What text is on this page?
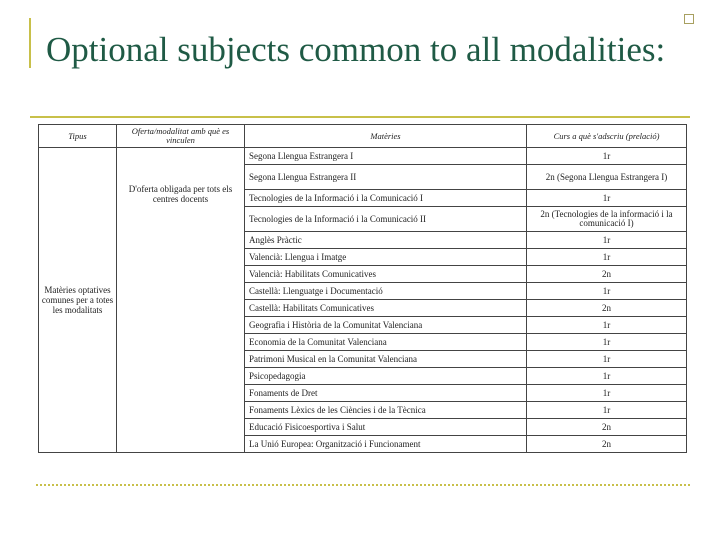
Optional subjects common to all modalities:
Tipus	Oferta/modalitat amb què es vinculen	Matèries	Curs a què s'adscriu (prelació)
Matèries optatives comunes per a totes les modalitats	D'oferta obligada per tots els centres docents	Segona Llengua Estrangera I	1r
		Segona Llengua Estrangera II	2n (Segona Llengua Estrangera I)
		Tecnologies de la Informació i la Comunicació I	1r
		Tecnologies de la Informació i la Comunicació II	2n (Tecnologies de la informació i la comunicació I)
		Anglès Pràctic	1r
		Valencià: Llengua i Imatge	1r
		Valencià: Habilitats Comunicatives	2n
		Castellà: Llenguatge i Documentació	1r
		Castellà: Habilitats Comunicatives	2n
		Geografia i Història de la Comunitat Valenciana	1r
		Economia de la Comunitat Valenciana	1r
		Patrimoni Musical en la Comunitat Valenciana	1r
		Psicopedagogia	1r
		Fonaments de Dret	1r
		Fonaments Lèxics de les Ciències i de la Tècnica	1r
		Educació Fisicoesportiva i Salut	2n
		La Unió Europea: Organització i Funcionament	2n
